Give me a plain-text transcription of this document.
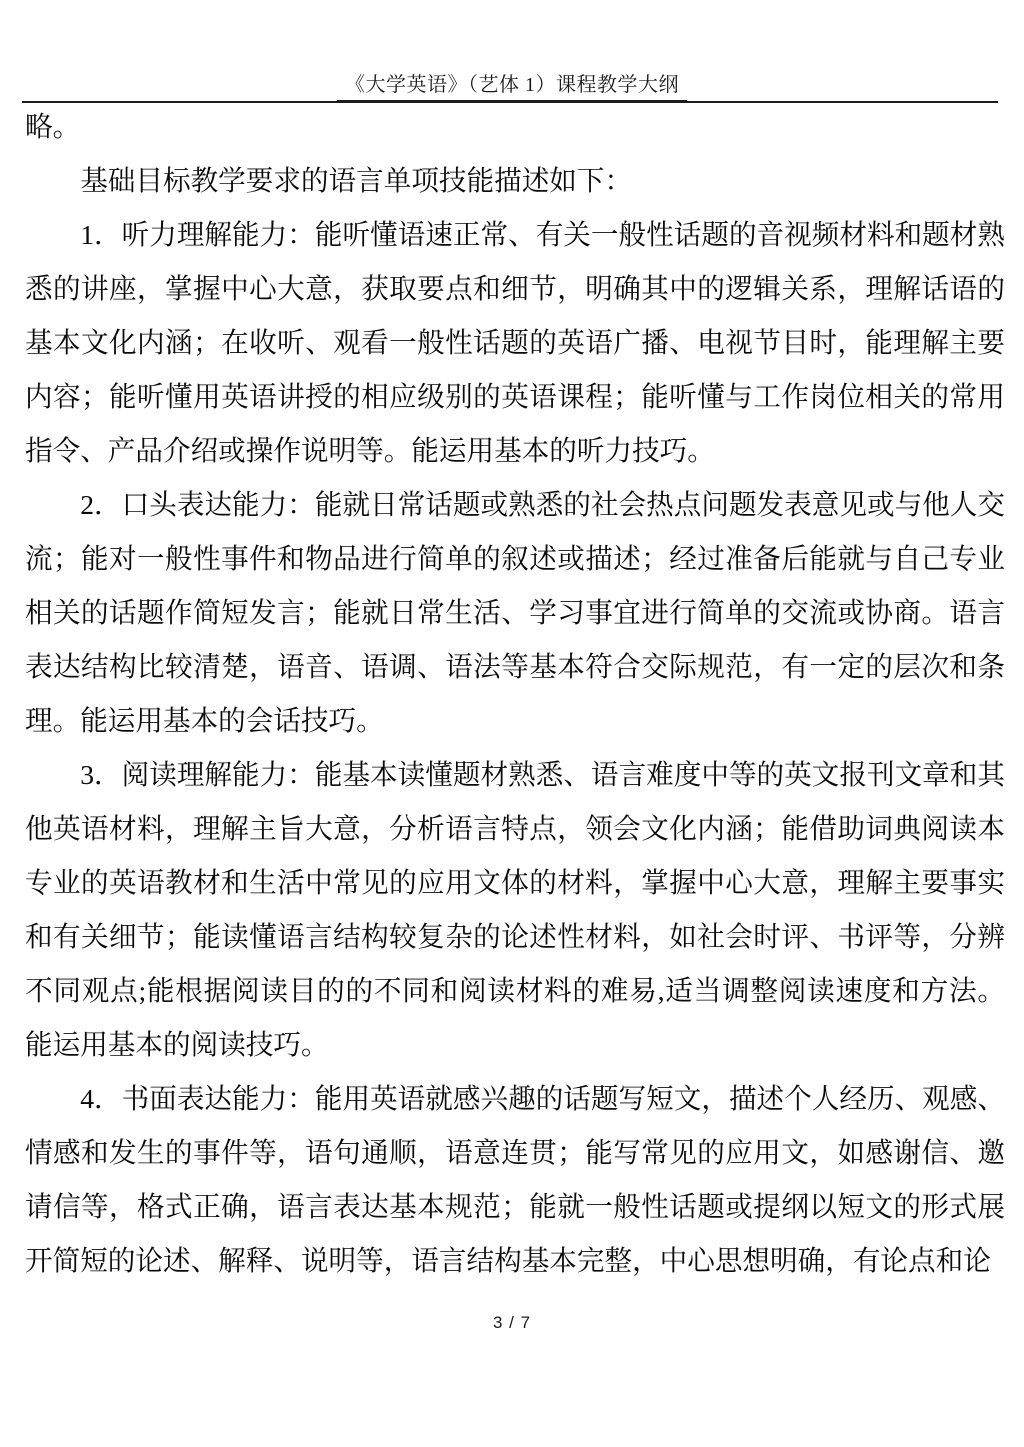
《大学英语》（艺体 1）课程教学大纲

略。

基础目标教学要求的语言单项技能描述如下：

1．听力理解能力：能听懂语速正常、有关一般性话题的音视频材料和题材熟悉的讲座，掌握中心大意，获取要点和细节，明确其中的逻辑关系，理解话语的基本文化内涵；在收听、观看一般性话题的英语广播、电视节目时，能理解主要内容；能听懂用英语讲授的相应级别的英语课程；能听懂与工作岗位相关的常用指令、产品介绍或操作说明等。能运用基本的听力技巧。

2．口头表达能力：能就日常话题或熟悉的社会热点问题发表意见或与他人交流；能对一般性事件和物品进行简单的叙述或描述；经过准备后能就与自己专业相关的话题作简短发言；能就日常生活、学习事宜进行简单的交流或协商。语言表达结构比较清楚，语音、语调、语法等基本符合交际规范，有一定的层次和条理。能运用基本的会话技巧。

3．阅读理解能力：能基本读懂题材熟悉、语言难度中等的英文报刊文章和其他英语材料，理解主旨大意，分析语言特点，领会文化内涵；能借助词典阅读本专业的英语教材和生活中常见的应用文体的材料，掌握中心大意，理解主要事实和有关细节；能读懂语言结构较复杂的论述性材料，如社会时评、书评等，分辨不同观点;能根据阅读目的的不同和阅读材料的难易,适当调整阅读速度和方法。能运用基本的阅读技巧。

4．书面表达能力：能用英语就感兴趣的话题写短文，描述个人经历、观感、情感和发生的事件等，语句通顺，语意连贯；能写常见的应用文，如感谢信、邀请信等，格式正确，语言表达基本规范；能就一般性话题或提纲以短文的形式展开简短的论述、解释、说明等，语言结构基本完整，中心思想明确，有论点和论

3 / 7
